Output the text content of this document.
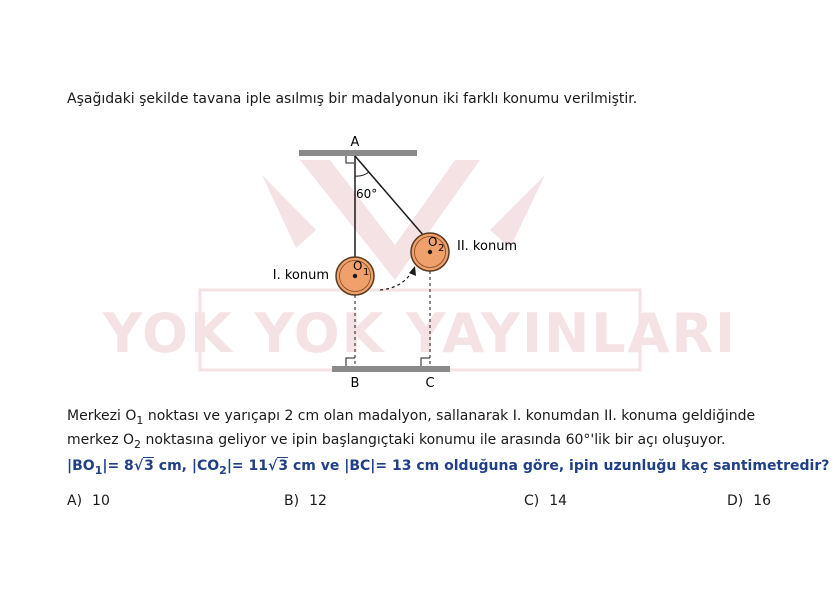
Aşağıdaki şekilde tavana iple asılmış bir madalyonun iki farklı konumu verilmiştir.
YOK YOK YAYINLARI
A
60°
O 1
O 2
I. konum
II. konum
B	C
Merkezi $O_1$ noktası ve yarıçapı 2 cm olan madalyon, sallanarak I. konumdan II. konuma geldiğinde
merkez $O_2$ noktasına geliyor ve ipin başlangıçtaki konumu ile arasında 60°'lik bir açı oluşuyor.
$|BO_1|= 8√3$ cm, $|CO_2|= 11√3$ cm ve |BC|= 13 cm olduğuna göre, ipin uzunluğu kaç santimetredir?
A) 10	B) 12	C) 14	D) 16
